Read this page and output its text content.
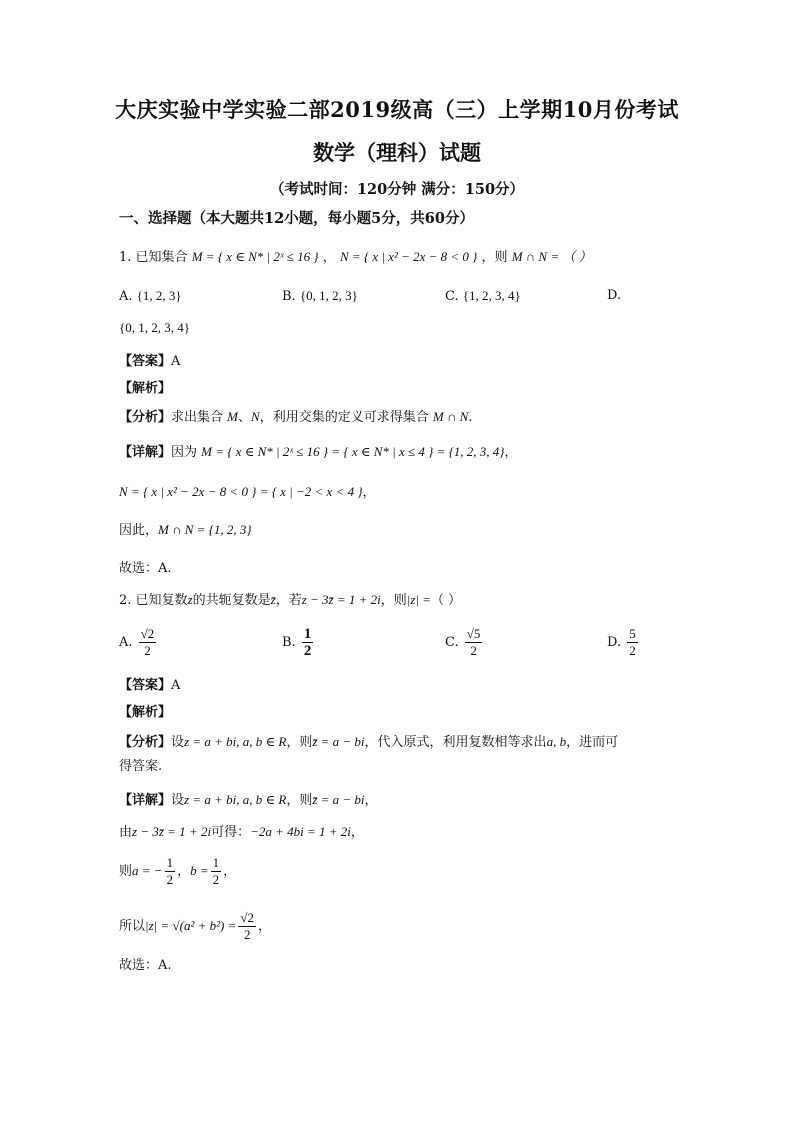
大庆实验中学实验二部2019级高（三）上学期10月份考试
数学（理科）试题
（考试时间：120分钟 满分：150分）
一、选择题（本大题共12小题，每小题5分，共60分）
1. 已知集合 M = { x ∈ N* | 2ˣ ≤ 16 } ， N = { x | x² − 2x − 8 < 0 } ，则 M ∩ N = （ ）
A. {1, 2, 3}	B. {0, 1, 2, 3}	C. {1, 2, 3, 4}	D.
{0, 1, 2, 3, 4}
【答案】A
【解析】
【分析】求出集合 M、N，利用交集的定义可求得集合 M ∩ N.
【详解】因为 M = { x ∈ N* | 2ˣ ≤ 16 } = { x ∈ N* | x ≤ 4 } = {1, 2, 3, 4}，
N = { x | x² − 2x − 8 < 0 } = { x | −2 < x < 4 }，
因此，M ∩ N = {1, 2, 3}
故选：A.
2. 已知复数z的共轭复数是z̄，若z − 3z̄ = 1 + 2i，则|z| =（ ）
A. $\frac{√2}{2}$	B. $\frac{1}{2}$	C. $\frac{√5}{2}$	D. $\frac{5}{2}$
【答案】A
【解析】
【分析】设z = a + bi, a, b ∈ R，则z̄ = a − bi，代入原式，利用复数相等求出a, b，进而可
得答案.
【详解】设z = a + bi, a, b ∈ R，则z̄ = a − bi，
由z − 3z̄ = 1 + 2i可得：−2a + 4bi = 1 + 2i，
则a = − $\frac{1}{2}$ ，$b = \frac{1}{2}$ ，
所以$|z| = √(a^2 + b^2) = \frac{√2}{2}$ ，
故选：A.
